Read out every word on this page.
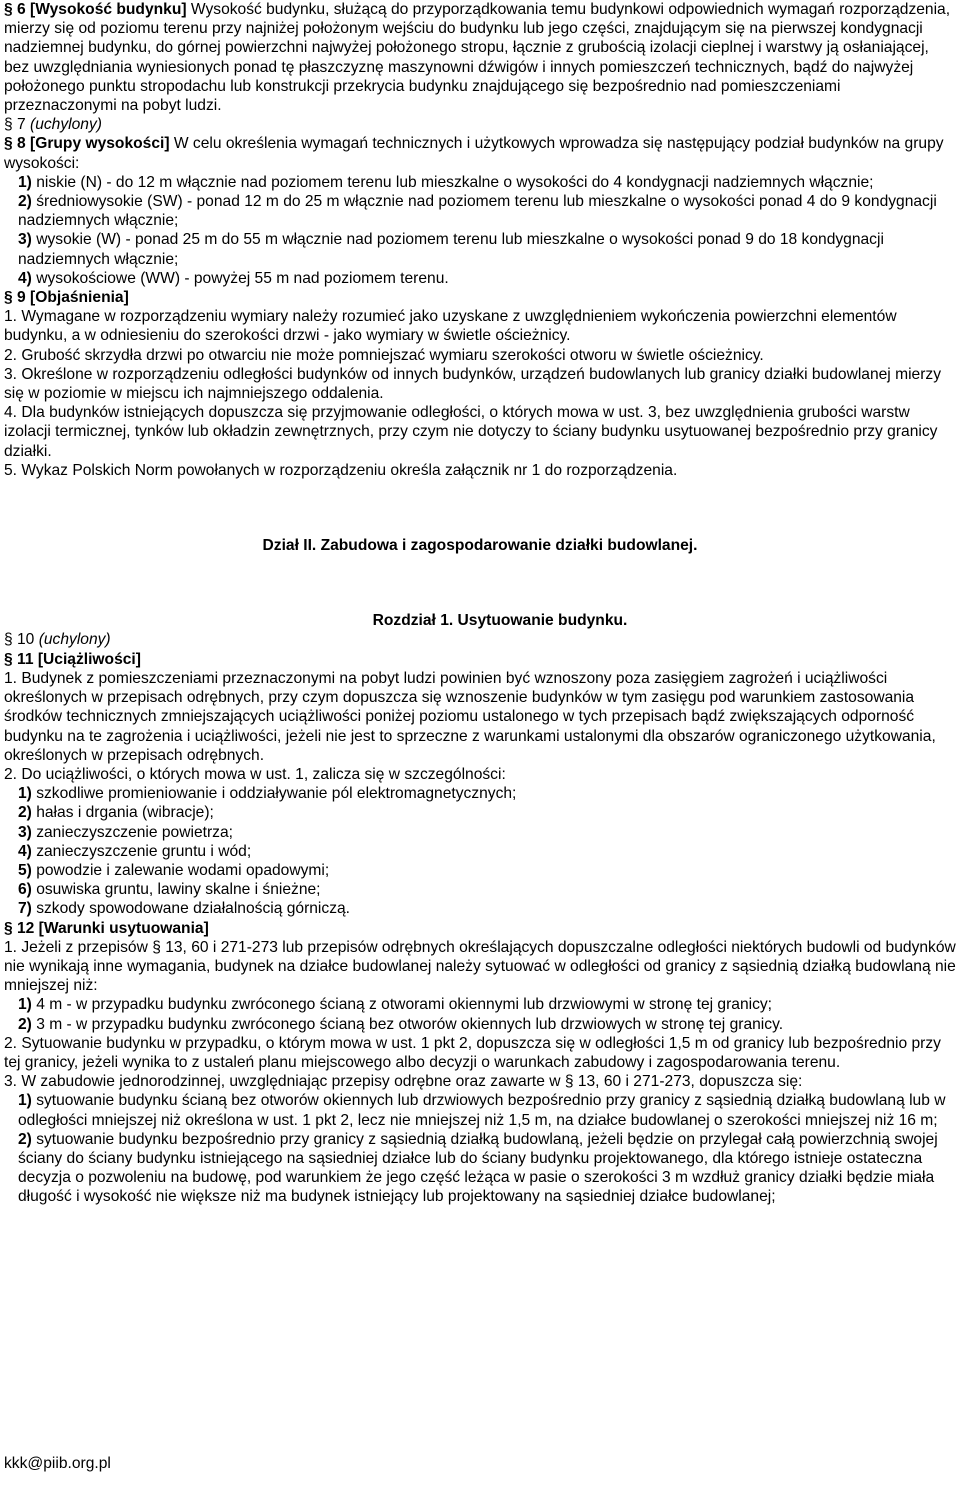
§ 6 [Wysokość budynku] Wysokość budynku, służącą do przyporządkowania temu budynkowi odpowiednich wymagań rozporządzenia, mierzy się od poziomu terenu przy najniżej położonym wejściu do budynku lub jego części, znajdującym się na pierwszej kondygnacji nadziemnej budynku, do górnej powierzchni najwyżej położonego stropu, łącznie z grubością izolacji cieplnej i warstwy ją osłaniającej, bez uwzględniania wyniesionych ponad tę płaszczyznę maszynowni dźwigów i innych pomieszczeń technicznych, bądź do najwyżej położonego punktu stropodachu lub konstrukcji przekrycia budynku znajdującego się bezpośrednio nad pomieszczeniami przeznaczonymi na pobyt ludzi.

§ 7 (uchylony)

§ 8 [Grupy wysokości] W celu określenia wymagań technicznych i użytkowych wprowadza się następujący podział budynków na grupy wysokości:

1) niskie (N) - do 12 m włącznie nad poziomem terenu lub mieszkalne o wysokości do 4 kondygnacji nadziemnych włącznie;

2) średniowysokie (SW) - ponad 12 m do 25 m włącznie nad poziomem terenu lub mieszkalne o wysokości ponad 4 do 9 kondygnacji nadziemnych włącznie;

3) wysokie (W) - ponad 25 m do 55 m włącznie nad poziomem terenu lub mieszkalne o wysokości ponad 9 do 18 kondygnacji nadziemnych włącznie;

4) wysokościowe (WW) - powyżej 55 m nad poziomem terenu.

§ 9 [Objaśnienia]

1. Wymagane w rozporządzeniu wymiary należy rozumieć jako uzyskane z uwzględnieniem wykończenia powierzchni elementów budynku, a w odniesieniu do szerokości drzwi - jako wymiary w świetle ościeżnicy.

2. Grubość skrzydła drzwi po otwarciu nie może pomniejszać wymiaru szerokości otworu w świetle ościeżnicy.

3. Określone w rozporządzeniu odległości budynków od innych budynków, urządzeń budowlanych lub granicy działki budowlanej mierzy się w poziomie w miejscu ich najmniejszego oddalenia.

4. Dla budynków istniejących dopuszcza się przyjmowanie odległości, o których mowa w ust. 3, bez uwzględnienia grubości warstw izolacji termicznej, tynków lub okładzin zewnętrznych, przy czym nie dotyczy to ściany budynku usytuowanej bezpośrednio przy granicy działki.

5. Wykaz Polskich Norm powołanych w rozporządzeniu określa załącznik nr 1 do rozporządzenia.

Dział II. Zabudowa i zagospodarowanie działki budowlanej.

Rozdział 1. Usytuowanie budynku.

§ 10 (uchylony)

§ 11 [Uciążliwości]

1. Budynek z pomieszczeniami przeznaczonymi na pobyt ludzi powinien być wznoszony poza zasięgiem zagrożeń i uciążliwości określonych w przepisach odrębnych, przy czym dopuszcza się wznoszenie budynków w tym zasięgu pod warunkiem zastosowania środków technicznych zmniejszających uciążliwości poniżej poziomu ustalonego w tych przepisach bądź zwiększających odporność budynku na te zagrożenia i uciążliwości, jeżeli nie jest to sprzeczne z warunkami ustalonymi dla obszarów ograniczonego użytkowania, określonych w przepisach odrębnych.

2. Do uciążliwości, o których mowa w ust. 1, zalicza się w szczególności:

1) szkodliwe promieniowanie i oddziaływanie pól elektromagnetycznych;

2) hałas i drgania (wibracje);

3) zanieczyszczenie powietrza;

4) zanieczyszczenie gruntu i wód;

5) powodzie i zalewanie wodami opadowymi;

6) osuwiska gruntu, lawiny skalne i śnieżne;

7) szkody spowodowane działalnością górniczą.

§ 12 [Warunki usytuowania]

1. Jeżeli z przepisów § 13, 60 i 271-273 lub przepisów odrębnych określających dopuszczalne odległości niektórych budowli od budynków nie wynikają inne wymagania, budynek na działce budowlanej należy sytuować w odległości od granicy z sąsiednią działką budowlaną nie mniejszej niż:

1) 4 m - w przypadku budynku zwróconego ścianą z otworami okiennymi lub drzwiowymi w stronę tej granicy;

2) 3 m - w przypadku budynku zwróconego ścianą bez otworów okiennych lub drzwiowych w stronę tej granicy.

2. Sytuowanie budynku w przypadku, o którym mowa w ust. 1 pkt 2, dopuszcza się w odległości 1,5 m od granicy lub bezpośrednio przy tej granicy, jeżeli wynika to z ustaleń planu miejscowego albo decyzji o warunkach zabudowy i zagospodarowania terenu.

3. W zabudowie jednorodzinnej, uwzględniając przepisy odrębne oraz zawarte w § 13, 60 i 271-273, dopuszcza się:

1) sytuowanie budynku ścianą bez otworów okiennych lub drzwiowych bezpośrednio przy granicy z sąsiednią działką budowlaną lub w odległości mniejszej niż określona w ust. 1 pkt 2, lecz nie mniejszej niż 1,5 m, na działce budowlanej o szerokości mniejszej niż 16 m;

2) sytuowanie budynku bezpośrednio przy granicy z sąsiednią działką budowlaną, jeżeli będzie on przylegał całą powierzchnią swojej ściany do ściany budynku istniejącego na sąsiedniej działce lub do ściany budynku projektowanego, dla którego istnieje ostateczna decyzja o pozwoleniu na budowę, pod warunkiem że jego część leżąca w pasie o szerokości 3 m wzdłuż granicy działki będzie miała długość i wysokość nie większe niż ma budynek istniejący lub projektowany na sąsiedniej działce budowlanej;

kkk@piib.org.pl
